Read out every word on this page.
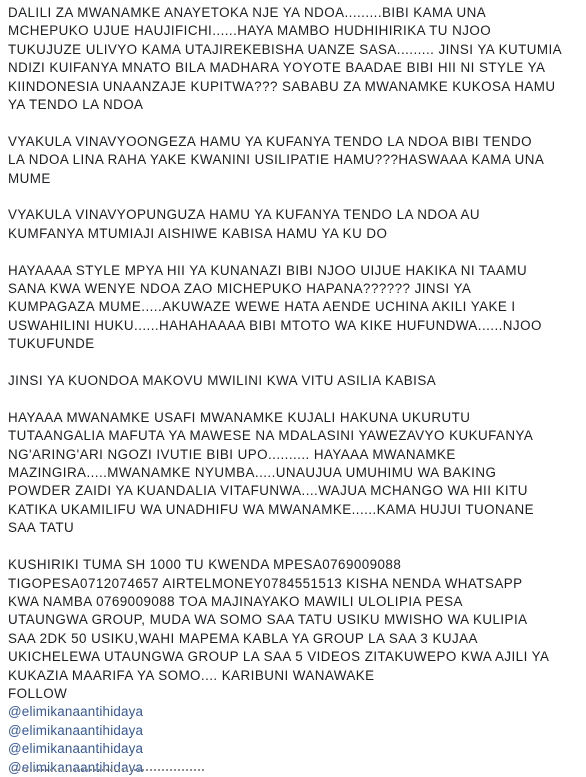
DALILI ZA MWANAMKE ANAYETOKA NJE YA NDOA.........BIBI KAMA UNA
MCHEPUKO UJUE HAUJIFICHI......HAYA MAMBO HUDHIHIRIKA TU NJOO
TUKUJUZE ULIVYO KAMA UTAJIREKEBISHA UANZE SASA......... JINSI YA KUTUMIA
NDIZI KUIFANYA MNATO BILA MADHARA YOYOTE BAADAE BIBI HII NI STYLE YA
KIINDONESIA UNAANZAJE KUPITWA??? SABABU ZA MWANAMKE KUKOSA HAMU
YA TENDO LA NDOA

VYAKULA VINAVYOONGEZA HAMU YA KUFANYA TENDO LA NDOA BIBI TENDO
LA NDOA LINA RAHA YAKE KWANINI USILIPATIE HAMU???HASWAAA KAMA UNA
MUME

VYAKULA VINAVYOPUNGUZA HAMU YA KUFANYA TENDO LA NDOA AU
KUMFANYA MTUMIAJI AISHIWE KABISA HAMU YA KU DO

HAYAAAA STYLE MPYA HII YA KUNANAZI BIBI NJOO UIJUE HAKIKA NI TAAMU
SANA KWA WENYE NDOA ZAO MICHEPUKO HAPANA?????? JINSI YA
KUMPAGAZA MUME.....AKUWAZE WEWE HATA AENDE UCHINA AKILI YAKE I
USWAHILINI HUKU......HAHAHAAAA BIBI MTOTO WA KIKE HUFUNDWA......NJOO
TUKUFUNDE

JINSI YA KUONDOA MAKOVU MWILINI KWA VITU ASILIA KABISA

HAYAAA MWANAMKE USAFI MWANAMKE KUJALI HAKUNA UKURUTU
TUTAANGALIA MAFUTA YA MAWESE NA MDALASINI YAWEZAVYO KUKUFANYA
NG'ARING'ARI NGOZI IVUTIE BIBI UPO.......... HAYAAA MWANAMKE
MAZINGIRA.....MWANAMKE NYUMBA.....UNAUJUA UMUHIMU WA BAKING
POWDER ZAIDI YA KUANDALIA VITAFUNWA....WAJUA MCHANGO WA HII KITU
KATIKA UKAMILIFU WA UNADHIFU WA MWANAMKE......KAMA HUJUI TUONANE
SAA TATU

KUSHIRIKI TUMA SH 1000 TU KWENDA MPESA0769009088
TIGOPESA0712074657 AIRTELMONEY0784551513 KISHA NENDA WHATSAPP
KWA NAMBA 0769009088 TOA MAJINAYAKO MAWILI ULOLIPIA PESA
UTAUNGWA GROUP, MUDA WA SOMO SAA TATU USIKU MWISHO WA KULIPIA
SAA 2DK 50 USIKU,WAHI MAPEMA KABLA YA GROUP LA SAA 3 KUJAA
UKICHELEWA UTAUNGWA GROUP LA SAA 5 VIDEOS ZITAKUWEPO KWA AJILI YA
KUKAZIA MAARIFA YA SOMO.... KARIBUNI WANAWAKE
FOLLOW

@elimikanaantihidaya
@elimikanaantihidaya
@elimikanaantihidaya
@elimikanaantihidaya
